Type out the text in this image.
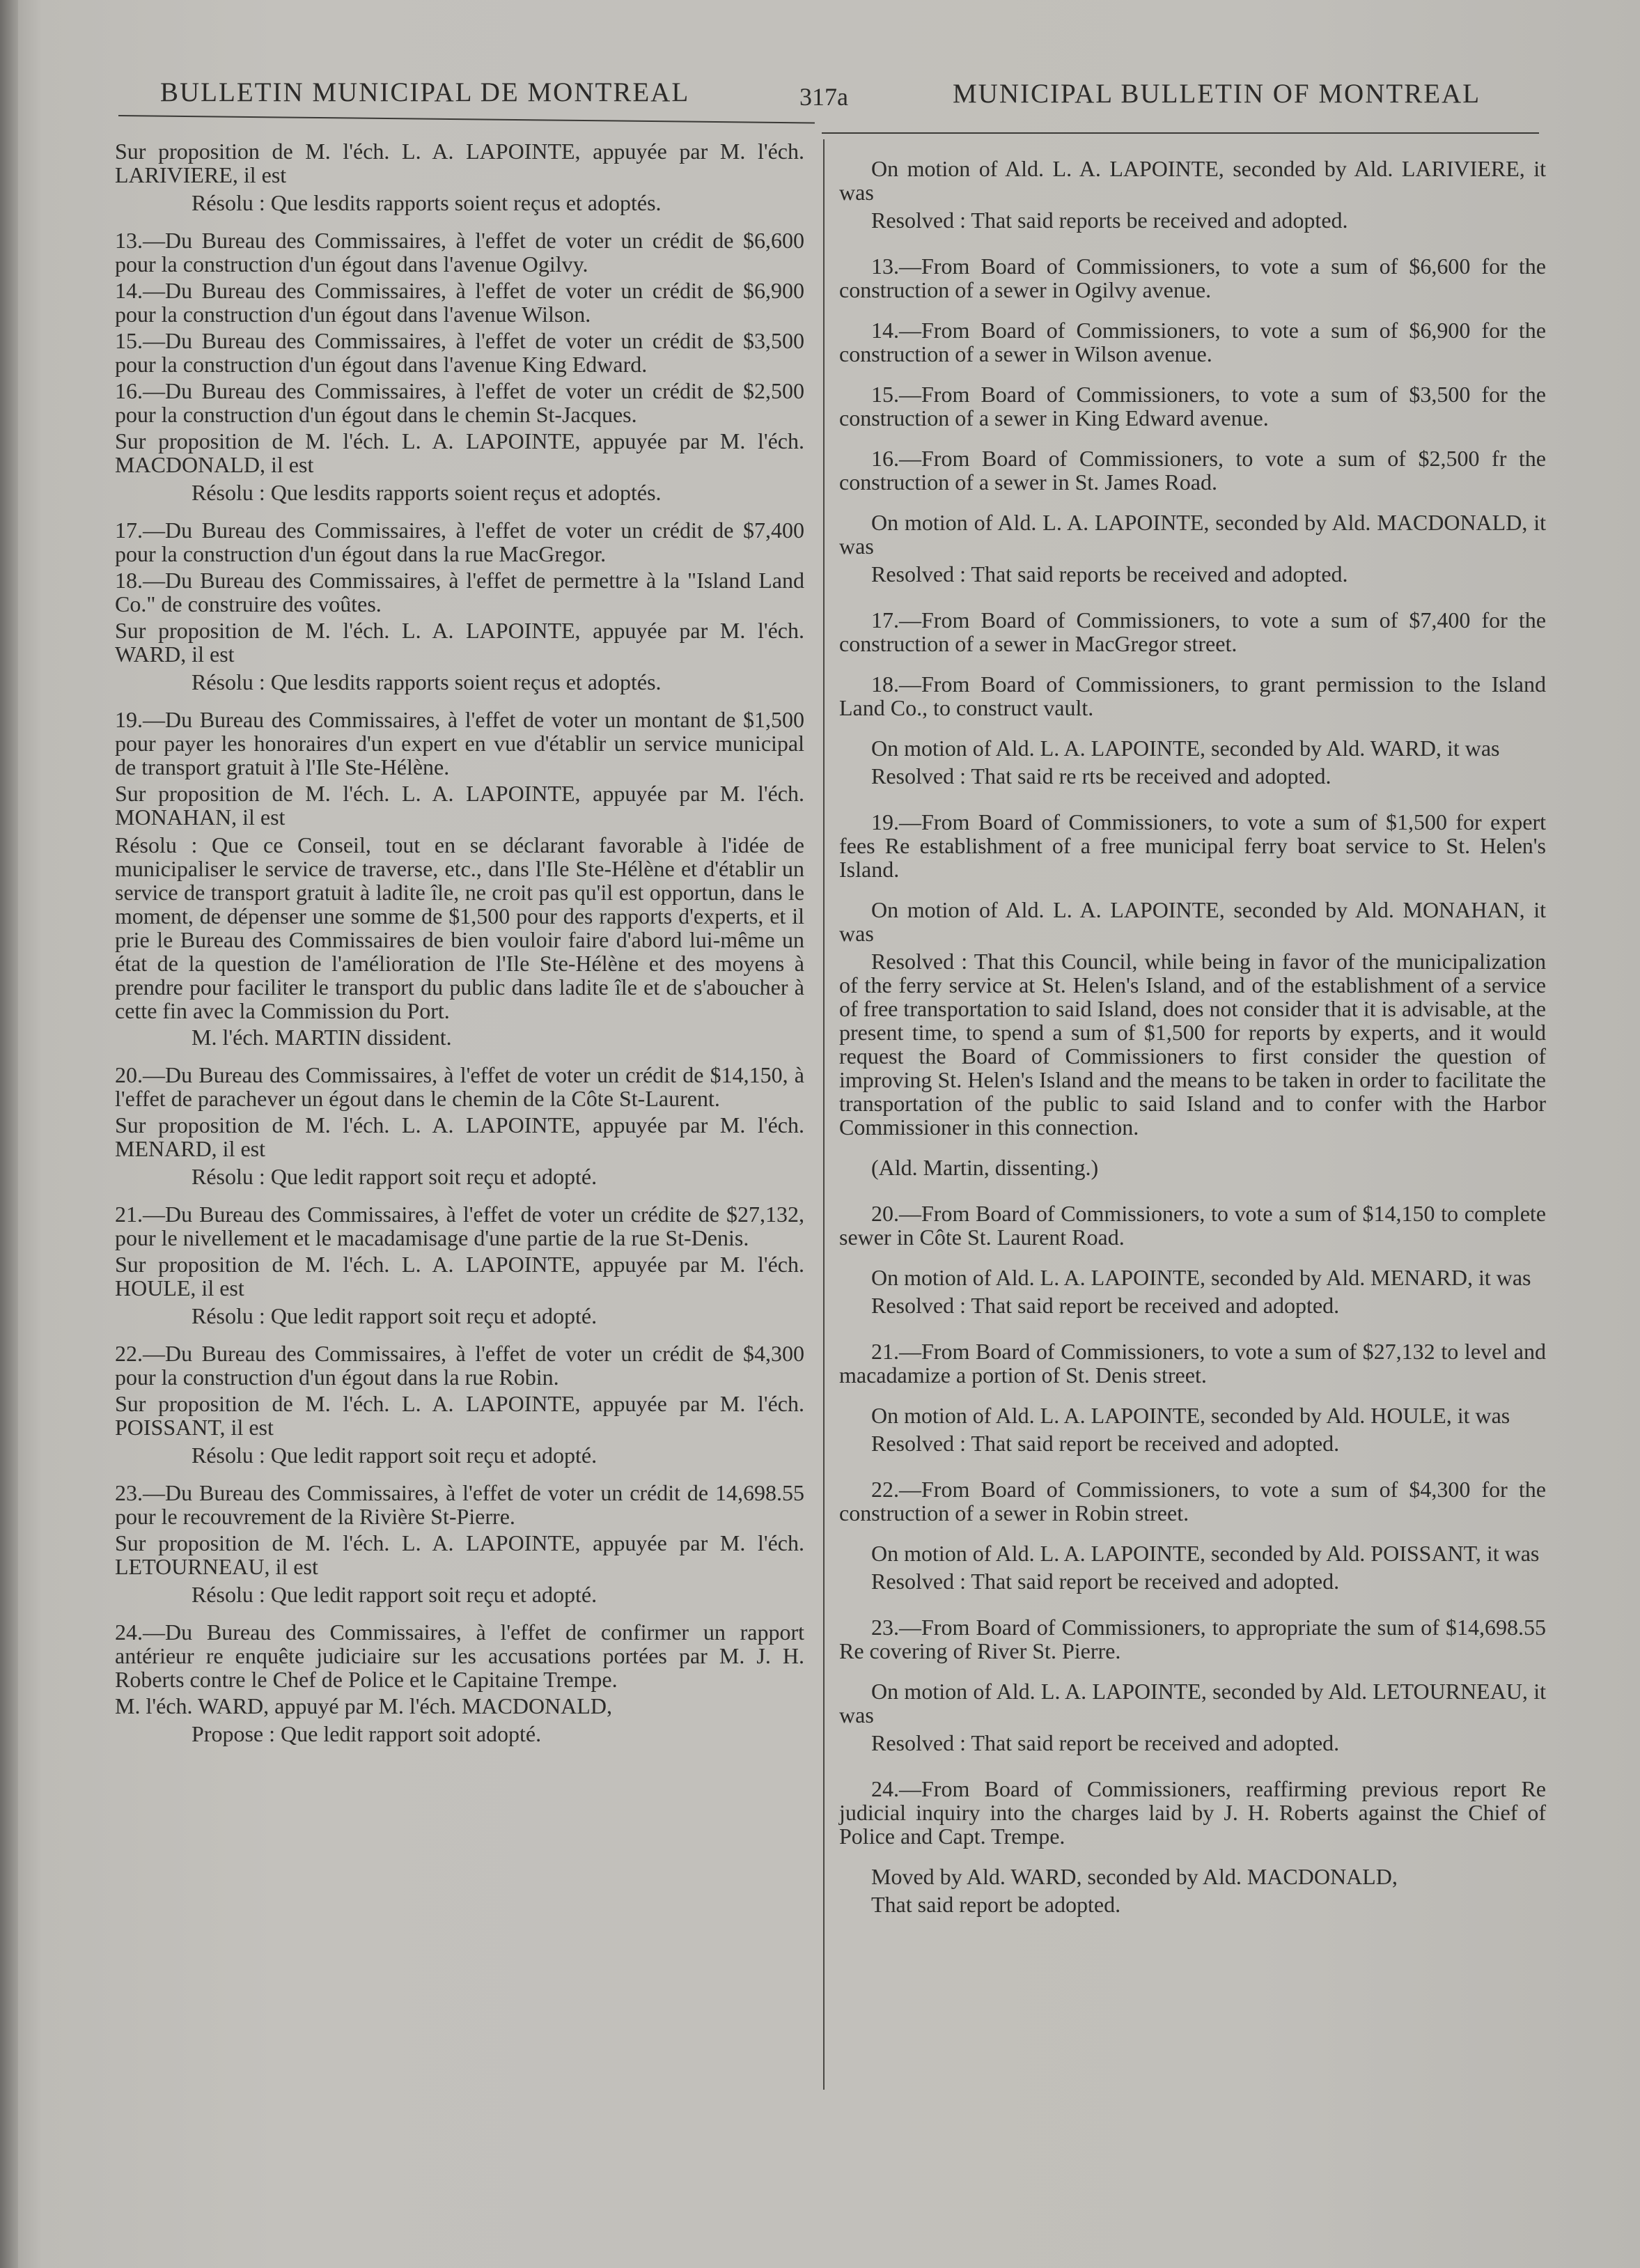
BULLETIN MUNICIPAL DE MONTREAL	317a	MUNICIPAL BULLETIN OF MONTREAL

Sur proposition de M. l'éch. L. A. LAPOINTE, appuyée par M. l'éch. LARIVIERE, il est

Résolu : Que lesdits rapports soient reçus et adoptés.

13.—Du Bureau des Commissaires, à l'effet de voter un crédit de $6,600 pour la construction d'un égout dans l'avenue Ogilvy.

14.—Du Bureau des Commissaires, à l'effet de voter un crédit de $6,900 pour la construction d'un égout dans l'avenue Wilson.

15.—Du Bureau des Commissaires, à l'effet de voter un crédit de $3,500 pour la construction d'un égout dans l'avenue King Edward.

16.—Du Bureau des Commissaires, à l'effet de voter un crédit de $2,500 pour la construction d'un égout dans le chemin St-Jacques.

Sur proposition de M. l'éch. L. A. LAPOINTE, appuyée par M. l'éch. MACDONALD, il est

Résolu : Que lesdits rapports soient reçus et adoptés.

17.—Du Bureau des Commissaires, à l'effet de voter un crédit de $7,400 pour la construction d'un égout dans la rue MacGregor.

18.—Du Bureau des Commissaires, à l'effet de permettre à la "Island Land Co." de construire des voûtes.

Sur proposition de M. l'éch. L. A. LAPOINTE, appuyée par M. l'éch. WARD, il est

Résolu : Que lesdits rapports soient reçus et adoptés.

19.—Du Bureau des Commissaires, à l'effet de voter un montant de $1,500 pour payer les honoraires d'un expert en vue d'établir un service municipal de transport gratuit à l'Ile Ste-Hélène.

Sur proposition de M. l'éch. L. A. LAPOINTE, appuyée par M. l'éch. MONAHAN, il est

Résolu : Que ce Conseil, tout en se déclarant favorable à l'idée de municipaliser le service de traverse, etc., dans l'Ile Ste-Hélène et d'établir un service de transport gratuit à ladite île, ne croit pas qu'il est opportun, dans le moment, de dépenser une somme de $1,500 pour des rapports d'experts, et il prie le Bureau des Commissaires de bien vouloir faire d'abord lui-même un état de la question de l'amélioration de l'Ile Ste-Hélène et des moyens à prendre pour faciliter le transport du public dans ladite île et de s'aboucher à cette fin avec la Commission du Port.

M. l'éch. MARTIN dissident.

20.—Du Bureau des Commissaires, à l'effet de voter un crédit de $14,150, à l'effet de parachever un égout dans le chemin de la Côte St-Laurent.

Sur proposition de M. l'éch. L. A. LAPOINTE, appuyée par M. l'éch. MENARD, il est

Résolu : Que ledit rapport soit reçu et adopté.

21.—Du Bureau des Commissaires, à l'effet de voter un crédite de $27,132, pour le nivellement et le macadamisage d'une partie de la rue St-Denis.

Sur proposition de M. l'éch. L. A. LAPOINTE, appuyée par M. l'éch. HOULE, il est

Résolu : Que ledit rapport soit reçu et adopté.

22.—Du Bureau des Commissaires, à l'effet de voter un crédit de $4,300 pour la construction d'un égout dans la rue Robin.

Sur proposition de M. l'éch. L. A. LAPOINTE, appuyée par M. l'éch. POISSANT, il est

Résolu : Que ledit rapport soit reçu et adopté.

23.—Du Bureau des Commissaires, à l'effet de voter un crédit de 14,698.55 pour le recouvrement de la Rivière St-Pierre.

Sur proposition de M. l'éch. L. A. LAPOINTE, appuyée par M. l'éch. LETOURNEAU, il est

Résolu : Que ledit rapport soit reçu et adopté.

24.—Du Bureau des Commissaires, à l'effet de confirmer un rapport antérieur re enquête judiciaire sur les accusations portées par M. J. H. Roberts contre le Chef de Police et le Capitaine Trempe.

M. l'éch. WARD, appuyé par M. l'éch. MACDONALD,

Propose : Que ledit rapport soit adopté.

On motion of Ald. L. A. LAPOINTE, seconded by Ald. LARIVIERE, it was

Resolved : That said reports be received and adopted.

13.—From Board of Commissioners, to vote a sum of $6,600 for the construction of a sewer in Ogilvy avenue.

14.—From Board of Commissioners, to vote a sum of $6,900 for the construction of a sewer in Wilson avenue.

15.—From Board of Commissioners, to vote a sum of $3,500 for the construction of a sewer in King Edward avenue.

16.—From Board of Commissioners, to vote a sum of $2,500 fr the construction of a sewer in St. James Road.

On motion of Ald. L. A. LAPOINTE, seconded by Ald. MACDONALD, it was

Resolved : That said reports be received and adopted.

17.—From Board of Commissioners, to vote a sum of $7,400 for the construction of a sewer in MacGregor street.

18.—From Board of Commissioners, to grant permission to the Island Land Co., to construct vault.

On motion of Ald. L. A. LAPOINTE, seconded by Ald. WARD, it was

Resolved : That said re rts be received and adopted.

19.—From Board of Commissioners, to vote a sum of $1,500 for expert fees Re establishment of a free municipal ferry boat service to St. Helen's Island.

On motion of Ald. L. A. LAPOINTE, seconded by Ald. MONAHAN, it was

Resolved : That this Council, while being in favor of the municipalization of the ferry service at St. Helen's Island, and of the establishment of a service of free transportation to said Island, does not consider that it is advisable, at the present time, to spend a sum of $1,500 for reports by experts, and it would request the Board of Commissioners to first consider the question of improving St. Helen's Island and the means to be taken in order to facilitate the transportation of the public to said Island and to confer with the Harbor Commissioner in this connection.

(Ald. Martin, dissenting.)

20.—From Board of Commissioners, to vote a sum of $14,150 to complete sewer in Côte St. Laurent Road.

On motion of Ald. L. A. LAPOINTE, seconded by Ald. MENARD, it was

Resolved : That said report be received and adopted.

21.—From Board of Commissioners, to vote a sum of $27,132 to level and macadamize a portion of St. Denis street.

On motion of Ald. L. A. LAPOINTE, seconded by Ald. HOULE, it was

Resolved : That said report be received and adopted.

22.—From Board of Commissioners, to vote a sum of $4,300 for the construction of a sewer in Robin street.

On motion of Ald. L. A. LAPOINTE, seconded by Ald. POISSANT, it was

Resolved : That said report be received and adopted.

23.—From Board of Commissioners, to appropriate the sum of $14,698.55 Re covering of River St. Pierre.

On motion of Ald. L. A. LAPOINTE, seconded by Ald. LETOURNEAU, it was

Resolved : That said report be received and adopted.

24.—From Board of Commissioners, reaffirming previous report Re judicial inquiry into the charges laid by J. H. Roberts against the Chief of Police and Capt. Trempe.

Moved by Ald. WARD, seconded by Ald. MACDONALD,

That said report be adopted.
